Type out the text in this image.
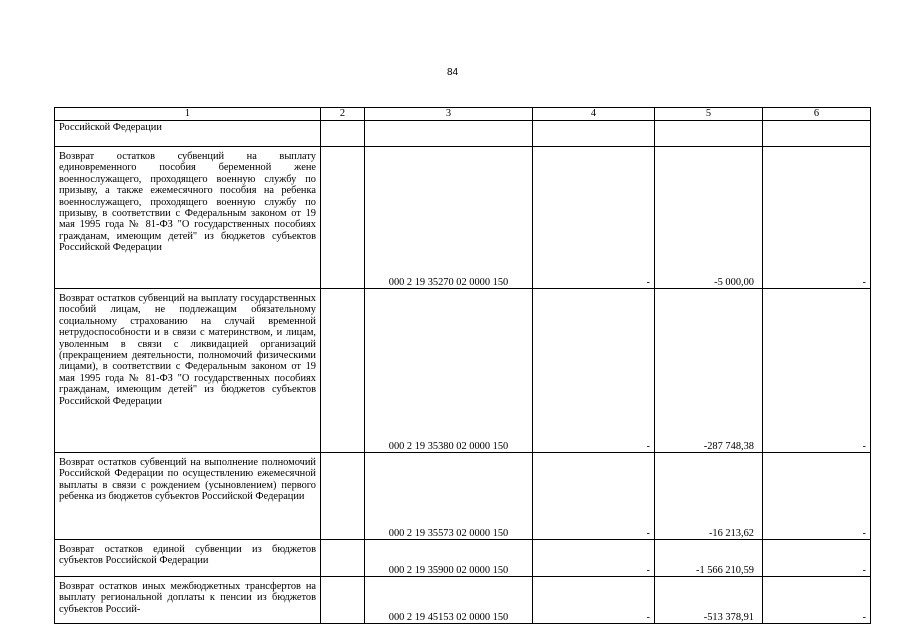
84
1	2	3	4	5	6
Российской Федерации					
Возврат остатков субвенций на выплату единовременного пособия беременной жене военнослужащего, проходящего военную службу по призыву, а также ежемесячного пособия на ребенка военнослужащего, проходящего военную службу по призыву, в соответствии с Федеральным законом от 19 мая 1995 года № 81-ФЗ "О государственных пособиях гражданам, имеющим детей" из бюджетов субъектов Российской Федерации		000 2 19 35270 02 0000 150	-	-5 000,00	-
Возврат остатков субвенций на выплату государственных пособий лицам, не подлежащим обязательному социальному страхованию на случай временной нетрудоспособности и в связи с материнством, и лицам, уволенным в связи с ликвидацией организаций (прекращением деятельности, полномочий физическими лицами), в соответствии с Федеральным законом от 19 мая 1995 года № 81-ФЗ "О государственных пособиях гражданам, имеющим детей" из бюджетов субъектов Российской Федерации		000 2 19 35380 02 0000 150	-	-287 748,38	-
Возврат остатков субвенций на выполнение полномочий Российской Федерации по осуществлению ежемесячной выплаты в связи с рождением (усыновлением) первого ребенка из бюджетов субъектов Российской Федерации		000 2 19 35573 02 0000 150	-	-16 213,62	-
Возврат остатков единой субвенции из бюджетов субъектов Российской Федерации		000 2 19 35900 02 0000 150	-	-1 566 210,59	-
Возврат остатков иных межбюджетных трансфертов на выплату региональной доплаты к пенсии из бюджетов субъектов Россий-		000 2 19 45153 02 0000 150	-	-513 378,91	-
